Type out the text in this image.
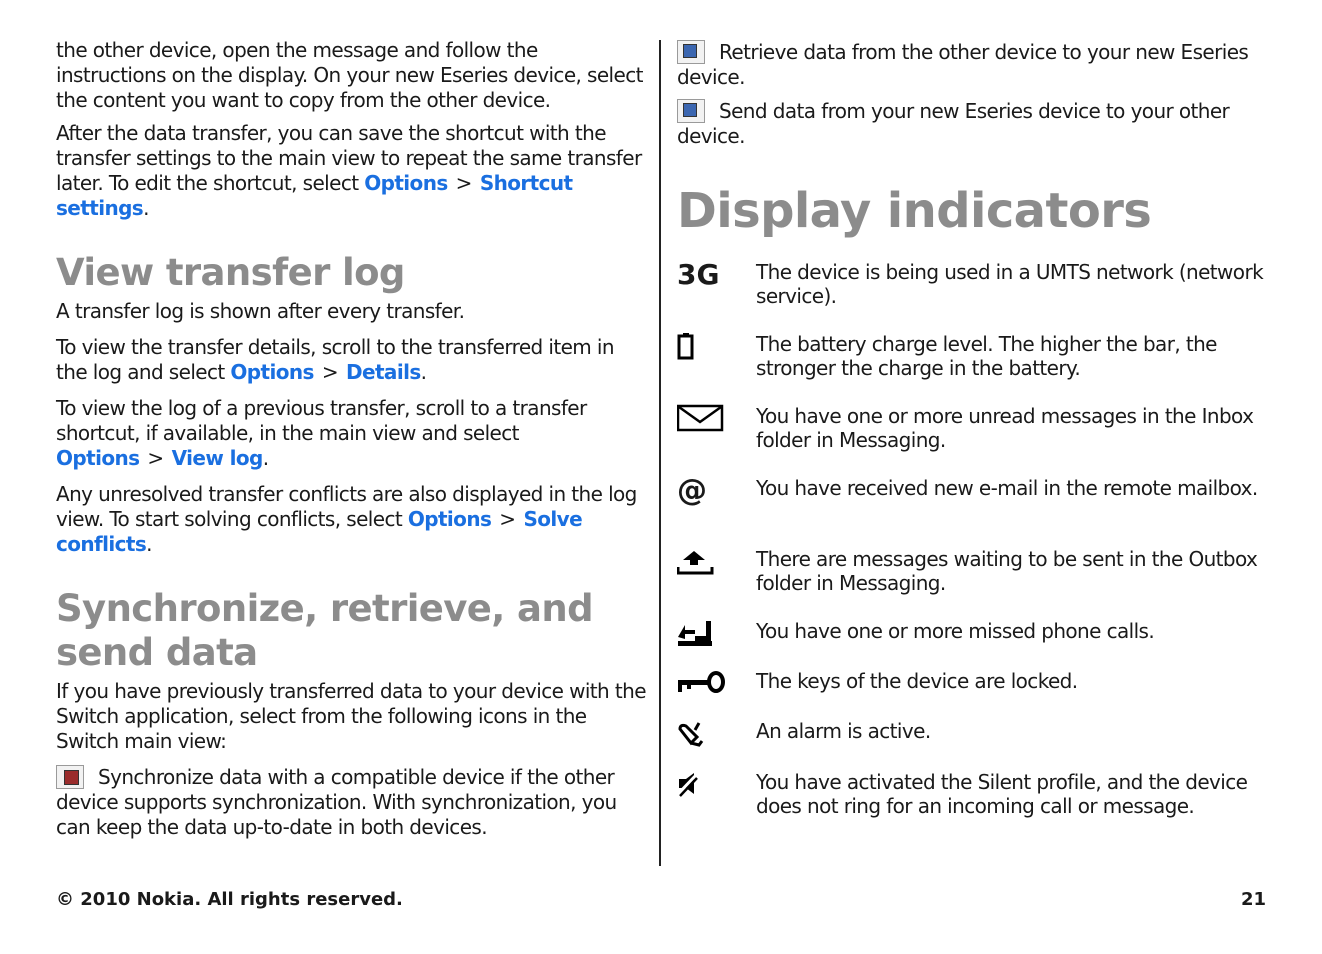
the other device, open the message and follow the instructions on the display. On your new Eseries device, select the content you want to copy from the other device.

After the data transfer, you can save the shortcut with the transfer settings to the main view to repeat the same transfer later. To edit the shortcut, select Options > Shortcut settings.

View transfer log

A transfer log is shown after every transfer.

To view the transfer details, scroll to the transferred item in the log and select Options > Details.

To view the log of a previous transfer, scroll to a transfer shortcut, if available, in the main view and select Options > View log.

Any unresolved transfer conflicts are also displayed in the log view. To start solving conflicts, select Options > Solve conflicts.

Synchronize, retrieve, and send data

If you have previously transferred data to your device with the Switch application, select from the following icons in the Switch main view:

Synchronize data with a compatible device if the other device supports synchronization. With synchronization, you can keep the data up-to-date in both devices.

Retrieve data from the other device to your new Eseries device.

Send data from your new Eseries device to your other device.

Display indicators
3G	The device is being used in a UMTS network (network service).
The battery charge level. The higher the bar, the stronger the charge in the battery.
You have one or more unread messages in the Inbox folder in Messaging.
@	You have received new e-mail in the remote mailbox.
There are messages waiting to be sent in the Outbox folder in Messaging.
You have one or more missed phone calls.
The keys of the device are locked.
An alarm is active.
You have activated the Silent profile, and the device does not ring for an incoming call or message.
© 2010 Nokia. All rights reserved.	21
